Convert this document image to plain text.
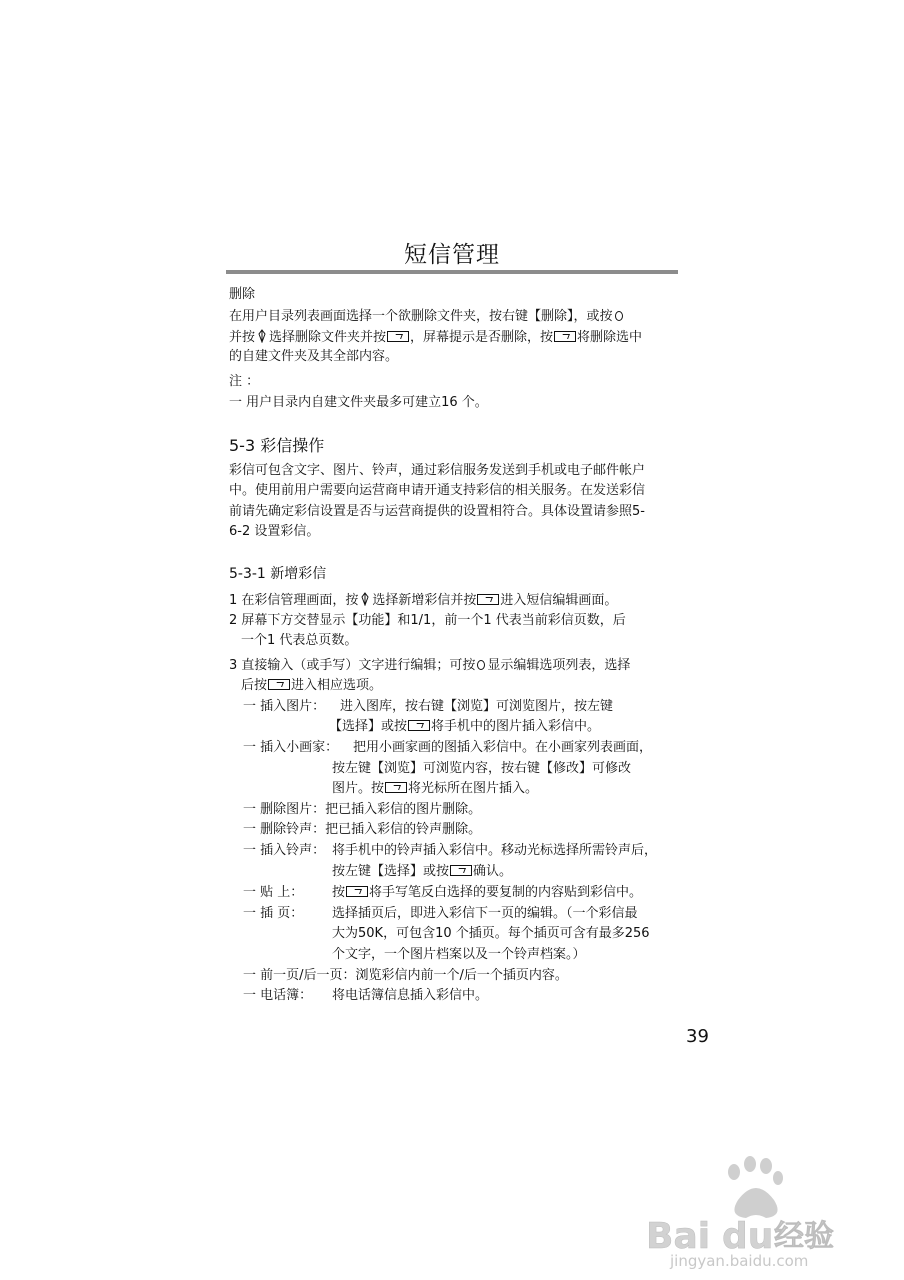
短信管理
删除
在用户目录列表画面选择一个欲删除文件夹，按右键【删除】，或按
并按 选择删除文件夹并按 ，屏幕提示是否删除，按 将删除选中
的自建文件夹及其全部内容。
注 ：
一 用户目录内自建文件夹最多可建立16 个。
5-3 彩信操作
彩信可包含文字、图片、铃声，通过彩信服务发送到手机或电子邮件帐户
中。使用前用户需要向运营商申请开通支持彩信的相关服务。在发送彩信
前请先确定彩信设置是否与运营商提供的设置相符合。具体设置请参照5-
6-2 设置彩信。
5-3-1 新增彩信
1 在彩信管理画面，按 选择新增彩信并按 进入短信编辑画面。
2 屏幕下方交替显示【功能】和1/1，前一个1 代表当前彩信页数，后
一个1 代表总页数。
3 直接输入（或手写）文字进行编辑；可按 显示编辑选项列表，选择
后按 进入相应选项。
一 插入图片： 进入图库，按右键【浏览】可浏览图片，按左键
【选择】或按 将手机中的图片插入彩信中。
一 插入小画家： 把用小画家画的图插入彩信中。在小画家列表画面，
按左键【浏览】可浏览内容，按右键【修改】可修改
图片。按 将光标所在图片插入。
一 删除图片：把已插入彩信的图片删除。
一 删除铃声：把已插入彩信的铃声删除。
一 插入铃声： 将手机中的铃声插入彩信中。移动光标选择所需铃声后，
按左键【选择】或按 确认。
一 贴 上： 按 将手写笔反白选择的要复制的内容贴到彩信中。
一 插 页： 选择插页后，即进入彩信下一页的编辑。（一个彩信最
大为50K，可包含10 个插页。每个插页可含有最多256
个文字，一个图片档案以及一个铃声档案。）
一 前一页/后一页：浏览彩信内前一个/后一个插页内容。
一 电话簿： 将电话簿信息插入彩信中。
39
Bai du 经验
jingyan.baidu.com
